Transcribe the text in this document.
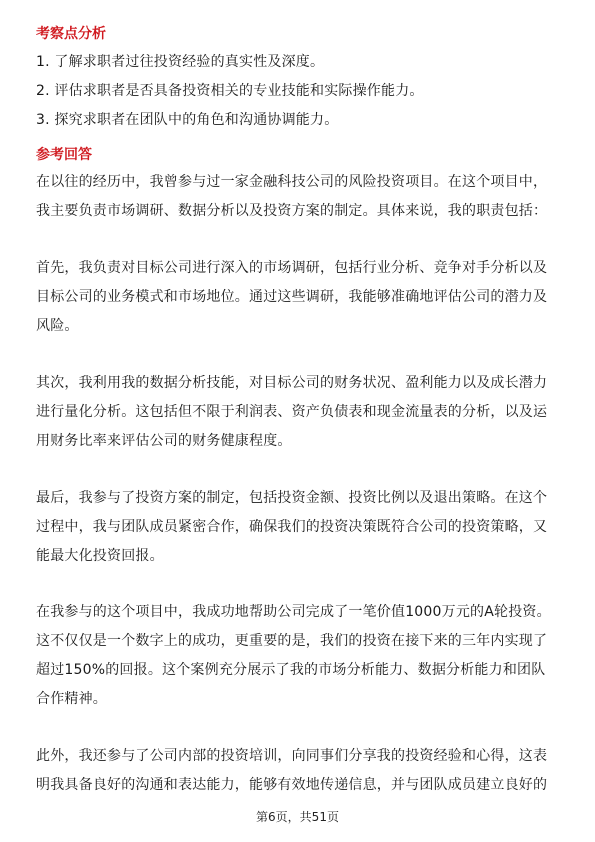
考察点分析
1. 了解求职者过往投资经验的真实性及深度。
2. 评估求职者是否具备投资相关的专业技能和实际操作能力。
3. 探究求职者在团队中的角色和沟通协调能力。
参考回答
在以往的经历中，我曾参与过一家金融科技公司的风险投资项目。在这个项目中，
我主要负责市场调研、数据分析以及投资方案的制定。具体来说，我的职责包括：
首先，我负责对目标公司进行深入的市场调研，包括行业分析、竞争对手分析以及
目标公司的业务模式和市场地位。通过这些调研，我能够准确地评估公司的潜力及
风险。
其次，我利用我的数据分析技能，对目标公司的财务状况、盈利能力以及成长潜力
进行量化分析。这包括但不限于利润表、资产负债表和现金流量表的分析，以及运
用财务比率来评估公司的财务健康程度。
最后，我参与了投资方案的制定，包括投资金额、投资比例以及退出策略。在这个
过程中，我与团队成员紧密合作，确保我们的投资决策既符合公司的投资策略，又
能最大化投资回报。
在我参与的这个项目中，我成功地帮助公司完成了一笔价值1000万元的A轮投资。
这不仅仅是一个数字上的成功，更重要的是，我们的投资在接下来的三年内实现了
超过150%的回报。这个案例充分展示了我的市场分析能力、数据分析能力和团队
合作精神。
此外，我还参与了公司内部的投资培训，向同事们分享我的投资经验和心得，这表
明我具备良好的沟通和表达能力，能够有效地传递信息，并与团队成员建立良好的
第6页，共51页
